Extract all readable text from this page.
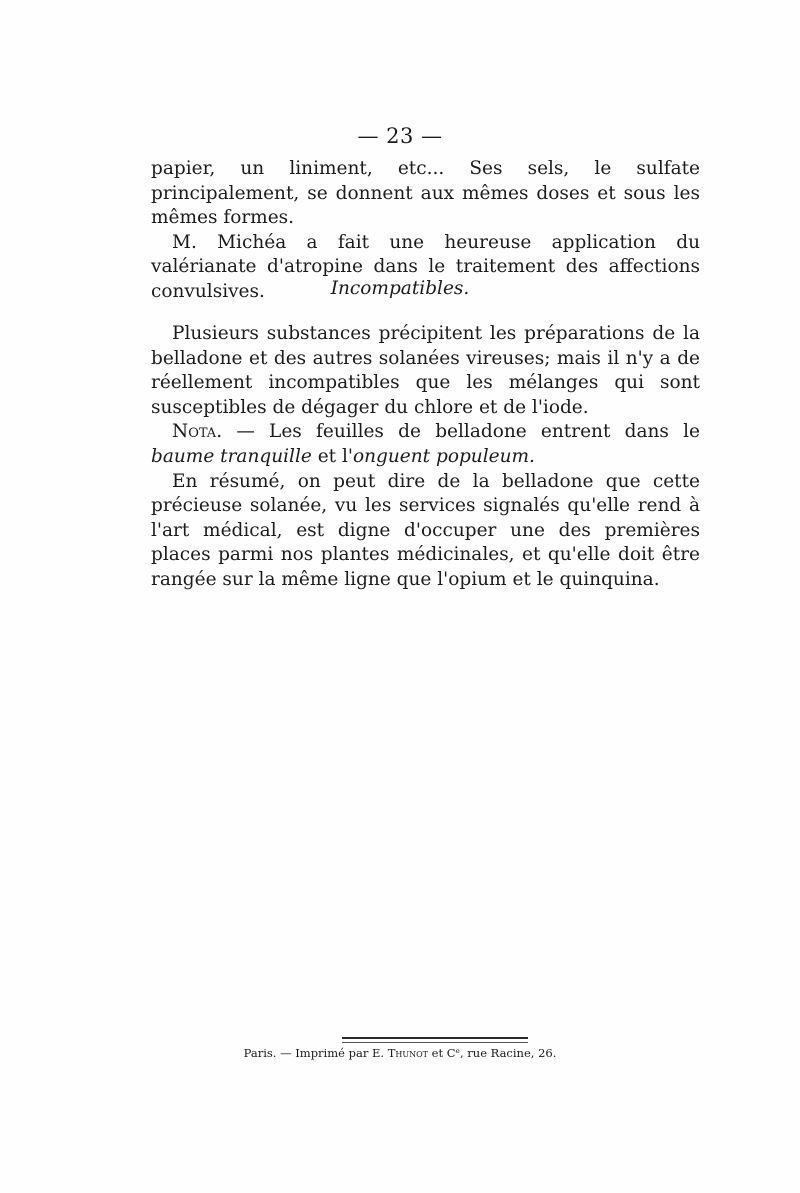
— 23 —

papier, un liniment, etc... Ses sels, le sulfate principalement, se donnent aux mêmes doses et sous les mêmes formes.

M. Michéa a fait une heureuse application du valérianate d'atropine dans le traitement des affections convulsives.	Incompatibles.

Plusieurs substances précipitent les préparations de la belladone et des autres solanées vireuses; mais il n'y a de réellement incompatibles que les mélanges qui sont susceptibles de dégager du chlore et de l'iode.

Nota. — Les feuilles de belladone entrent dans le baume tranquille et l'onguent populeum.

En résumé, on peut dire de la belladone que cette précieuse solanée, vu les services signalés qu'elle rend à l'art médical, est digne d'occuper une des premières places parmi nos plantes médicinales, et qu'elle doit être rangée sur la même ligne que l'opium et le quinquina.

Paris. — Imprimé par E. Thunot et Cᵉ, rue Racine, 26.
